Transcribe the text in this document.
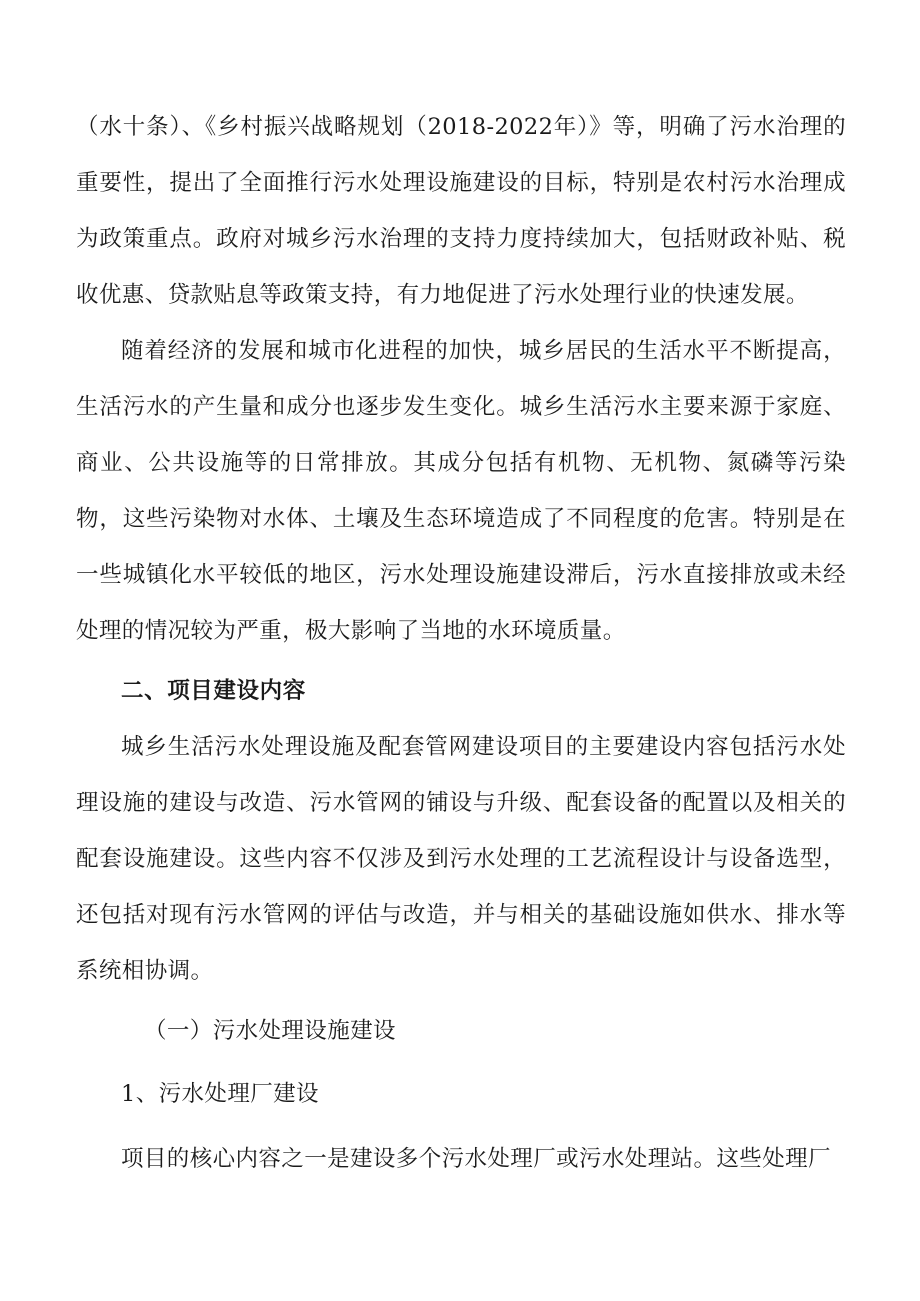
（水十条）、《乡村振兴战略规划（2018-2022年）》等，明确了污水治理的重要性，提出了全面推行污水处理设施建设的目标，特别是农村污水治理成为政策重点。政府对城乡污水治理的支持力度持续加大，包括财政补贴、税收优惠、贷款贴息等政策支持，有力地促进了污水处理行业的快速发展。

随着经济的发展和城市化进程的加快，城乡居民的生活水平不断提高，生活污水的产生量和成分也逐步发生变化。城乡生活污水主要来源于家庭、商业、公共设施等的日常排放。其成分包括有机物、无机物、氮磷等污染物，这些污染物对水体、土壤及生态环境造成了不同程度的危害。特别是在一些城镇化水平较低的地区，污水处理设施建设滞后，污水直接排放或未经处理的情况较为严重，极大影响了当地的水环境质量。

二、项目建设内容

城乡生活污水处理设施及配套管网建设项目的主要建设内容包括污水处理设施的建设与改造、污水管网的铺设与升级、配套设备的配置以及相关的配套设施建设。这些内容不仅涉及到污水处理的工艺流程设计与设备选型，还包括对现有污水管网的评估与改造，并与相关的基础设施如供水、排水等系统相协调。

（一）污水处理设施建设

1、污水处理厂建设

项目的核心内容之一是建设多个污水处理厂或污水处理站。这些处理厂
